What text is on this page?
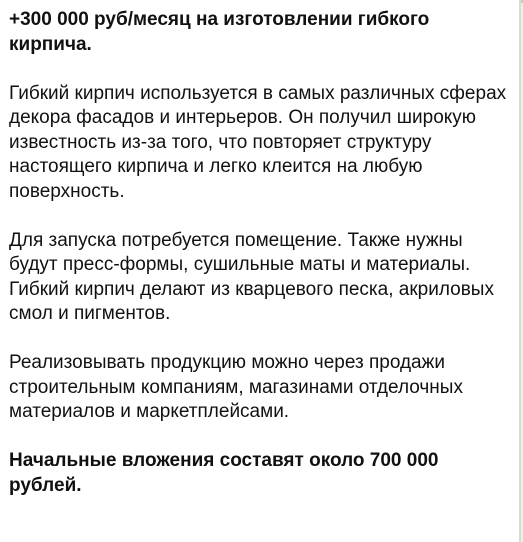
+300 000 руб/месяц на изготовлении гибкого кирпича.

Гибкий кирпич используется в самых различных сферах декора фасадов и интерьеров. Он получил широкую известность из-за того, что повторяет структуру настоящего кирпича и легко клеится на любую поверхность.

Для запуска потребуется помещение. Также нужны будут пресс-формы, сушильные маты и материалы. Гибкий кирпич делают из кварцевого песка, акриловых смол и пигментов.

Реализовывать продукцию можно через продажи строительным компаниям, магазинами отделочных материалов и маркетплейсами.

Начальные вложения составят около 700 000 рублей.
